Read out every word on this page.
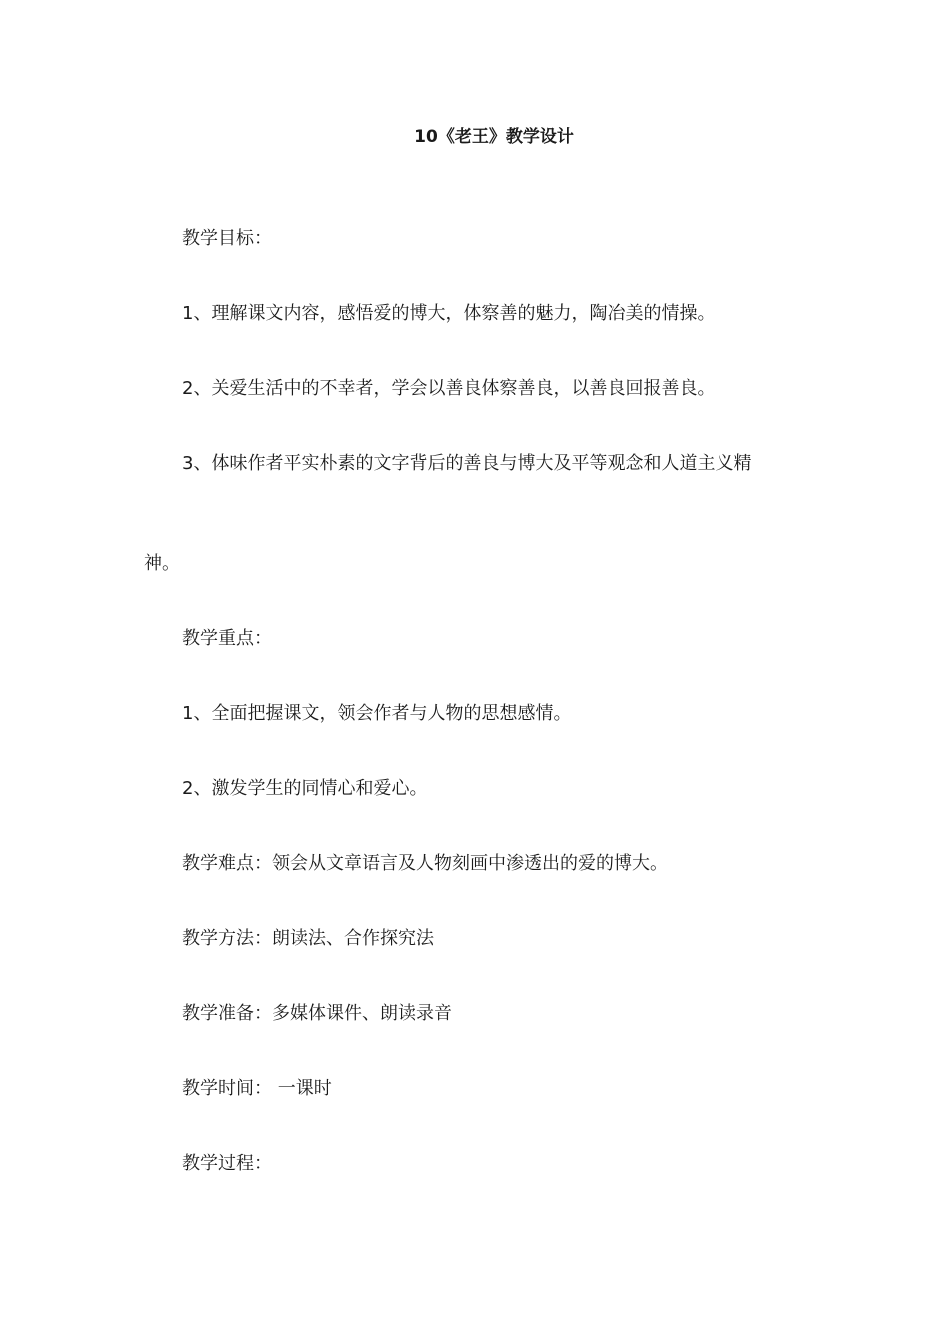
10《老王》教学设计
教学目标：
1、理解课文内容，感悟爱的博大，体察善的魅力，陶冶美的情操。
2、关爱生活中的不幸者，学会以善良体察善良，以善良回报善良。
3、体味作者平实朴素的文字背后的善良与博大及平等观念和人道主义精
神。
教学重点：
1、全面把握课文，领会作者与人物的思想感情。
2、激发学生的同情心和爱心。
教学难点：领会从文章语言及人物刻画中渗透出的爱的博大。
教学方法：朗读法、合作探究法
教学准备：多媒体课件、朗读录音
教学时间： 一课时
教学过程：
